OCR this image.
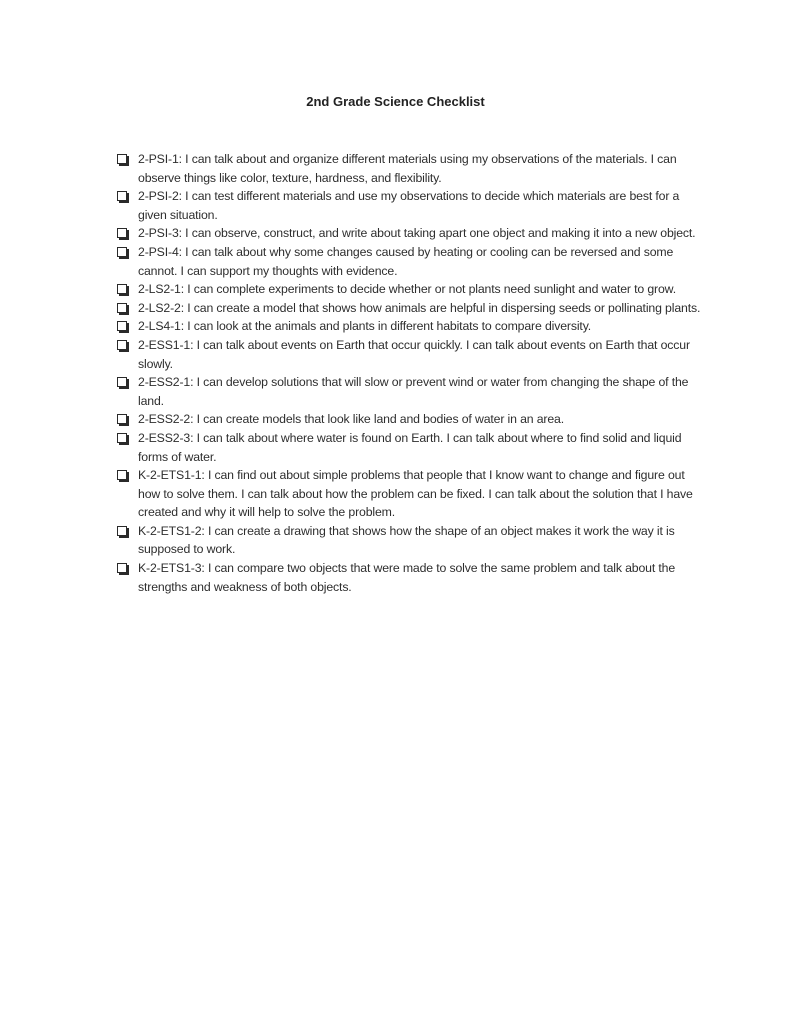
2nd Grade Science Checklist
2-PSI-1: I can talk about and organize different materials using my observations of the materials. I can observe things like color, texture, hardness, and flexibility.
2-PSI-2: I can test different materials and use my observations to decide which materials are best for a given situation.
2-PSI-3: I can observe, construct, and write about taking apart one object and making it into a new object.
2-PSI-4: I can talk about why some changes caused by heating or cooling can be reversed and some cannot. I can support my thoughts with evidence.
2-LS2-1: I can complete experiments to decide whether or not plants need sunlight and water to grow.
2-LS2-2: I can create a model that shows how animals are helpful in dispersing seeds or pollinating plants.
2-LS4-1: I can look at the animals and plants in different habitats to compare diversity.
2-ESS1-1: I can talk about events on Earth that occur quickly. I can talk about events on Earth that occur slowly.
2-ESS2-1: I can develop solutions that will slow or prevent wind or water from changing the shape of the land.
2-ESS2-2: I can create models that look like land and bodies of water in an area.
2-ESS2-3: I can talk about where water is found on Earth. I can talk about where to find solid and liquid forms of water.
K-2-ETS1-1: I can find out about simple problems that people that I know want to change and figure out how to solve them. I can talk about how the problem can be fixed. I can talk about the solution that I have created and why it will help to solve the problem.
K-2-ETS1-2: I can create a drawing that shows how the shape of an object makes it work the way it is supposed to work.
K-2-ETS1-3: I can compare two objects that were made to solve the same problem and talk about the strengths and weakness of both objects.
